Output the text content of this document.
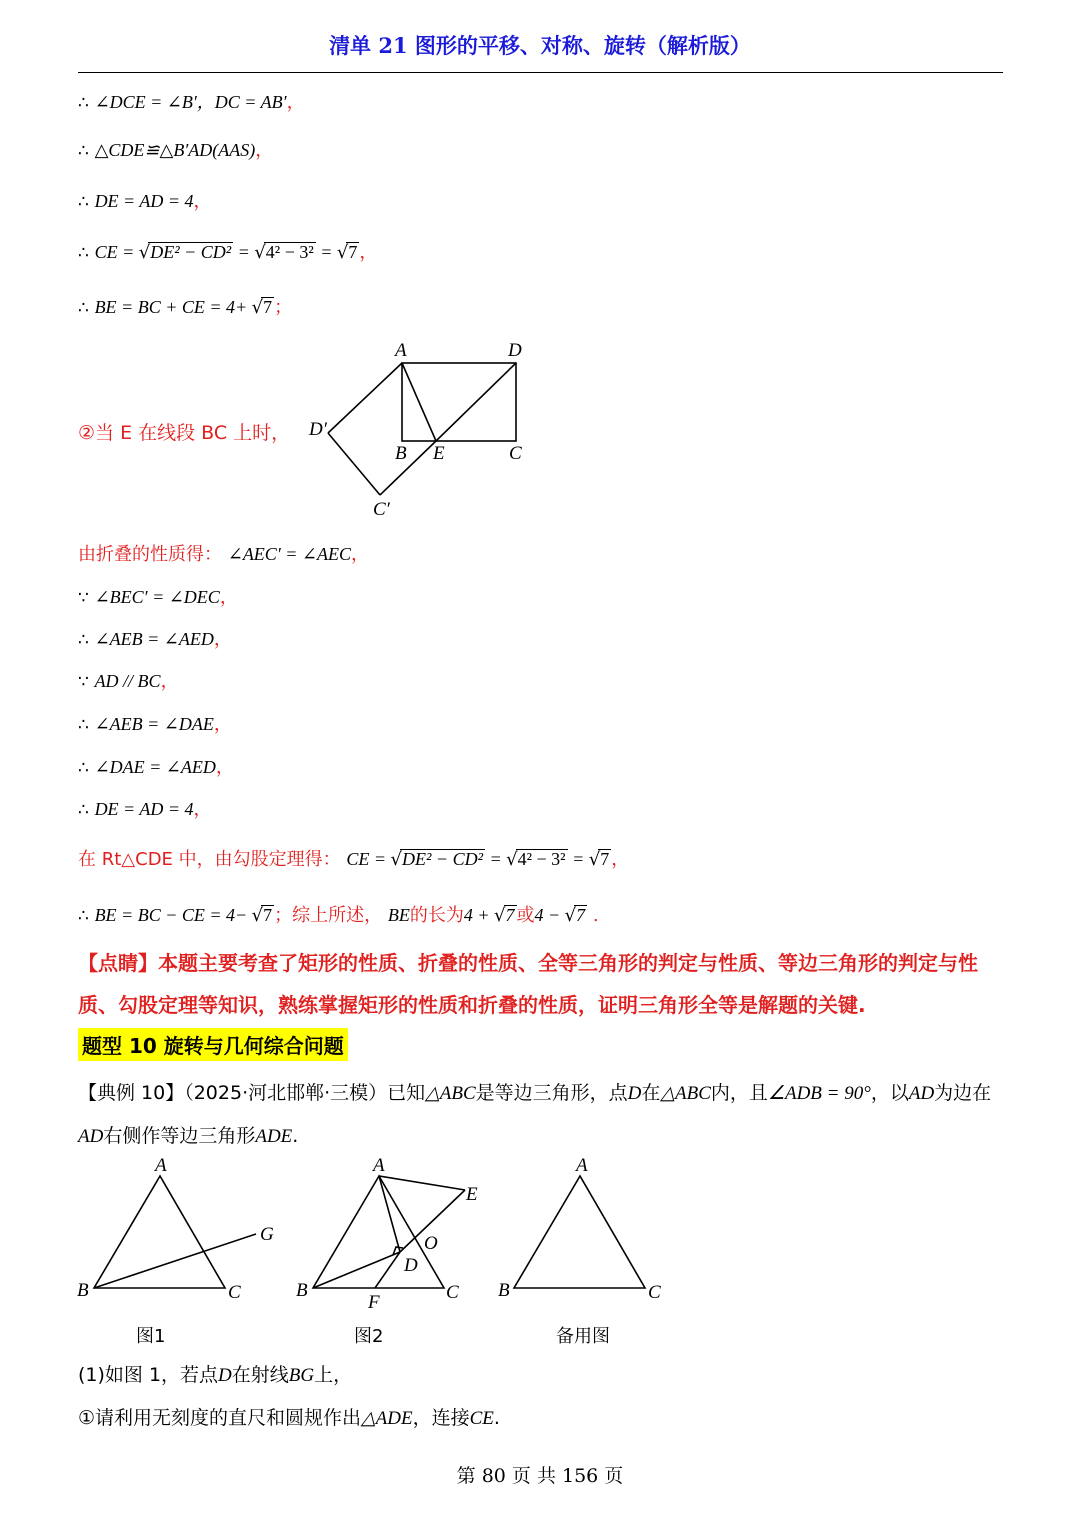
清单 21 图形的平移、对称、旋转（解析版）
∴ ∠DCE = ∠B′，DC = AB′，
∴ △CDE≌△B′AD(AAS)，
∴ DE = AD = 4，
∴ CE = √DE² − CD² = √4² − 3² = √7 ，
∴ BE = BC + CE = 4+ √7 ；
②当 E 在线段 BC 上时，
A	D
D′
B E	C
C′
由折叠的性质得： ∠AEC′ = ∠AEC，
∵ ∠BEC′ = ∠DEC，
∴ ∠AEB = ∠AED，
∵ AD // BC，
∴ ∠AEB = ∠DAE，
∴ ∠DAE = ∠AED，
∴ DE = AD = 4，
在 Rt△CDE 中，由勾股定理得： CE = √DE² − CD² = √4² − 3² = √7 ，
∴ BE = BC − CE = 4− √7 ；综上所述， BE的长为4 + √7 或4 − √7 .
【点睛】本题主要考查了矩形的性质、折叠的性质、全等三角形的判定与性质、等边三角形的判定与性质、勾股定理等知识，熟练掌握矩形的性质和折叠的性质，证明三角形全等是解题的关键.
题型 10 旋转与几何综合问题
【典例 10】（2025·河北邯郸·三模）已知△ABC是等边三角形，点D在△ABC内，且∠ADB = 90°，以AD为边在AD右侧作等边三角形ADE.
A
B	C
G
A
B	C
D
E
O
F
A
B	C
图1	图2	备用图
(1)如图 1，若点D在射线BG上，
①请利用无刻度的直尺和圆规作出△ADE，连接CE.
第 80 页 共 156 页
